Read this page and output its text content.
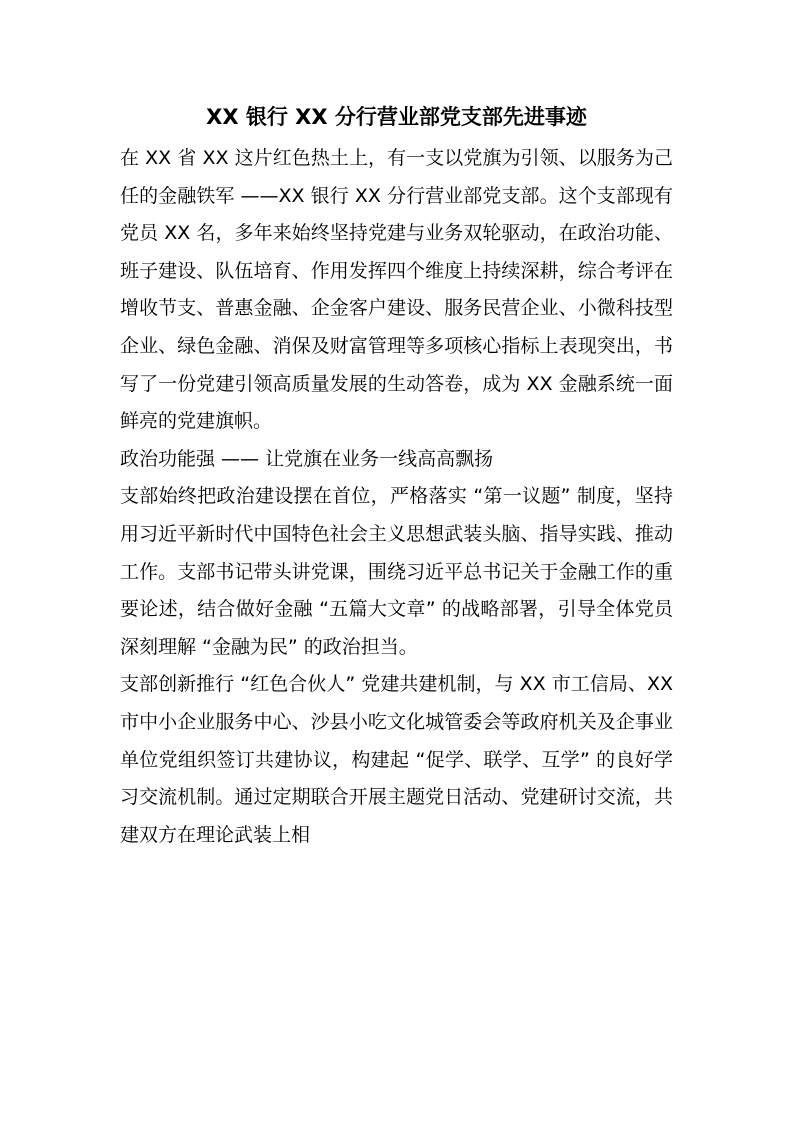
XX 银行 XX 分行营业部党支部先进事迹

在 XX 省 XX 这片红色热土上，有一支以党旗为引领、以服务为己任的金融铁军 ——XX 银行 XX 分行营业部党支部。这个支部现有党员 XX 名，多年来始终坚持党建与业务双轮驱动，在政治功能、班子建设、队伍培育、作用发挥四个维度上持续深耕，综合考评在增收节支、普惠金融、企金客户建设、服务民营企业、小微科技型企业、绿色金融、消保及财富管理等多项核心指标上表现突出，书写了一份党建引领高质量发展的生动答卷，成为 XX 金融系统一面鲜亮的党建旗帜。

政治功能强 —— 让党旗在业务一线高高飘扬

支部始终把政治建设摆在首位，严格落实 “第一议题” 制度，坚持用习近平新时代中国特色社会主义思想武装头脑、指导实践、推动工作。支部书记带头讲党课，围绕习近平总书记关于金融工作的重要论述，结合做好金融 “五篇大文章” 的战略部署，引导全体党员深刻理解 “金融为民” 的政治担当。

支部创新推行 “红色合伙人” 党建共建机制，与 XX 市工信局、XX 市中小企业服务中心、沙县小吃文化城管委会等政府机关及企事业单位党组织签订共建协议，构建起 “促学、联学、互学” 的良好学习交流机制。通过定期联合开展主题党日活动、党建研讨交流，共建双方在理论武装上相
